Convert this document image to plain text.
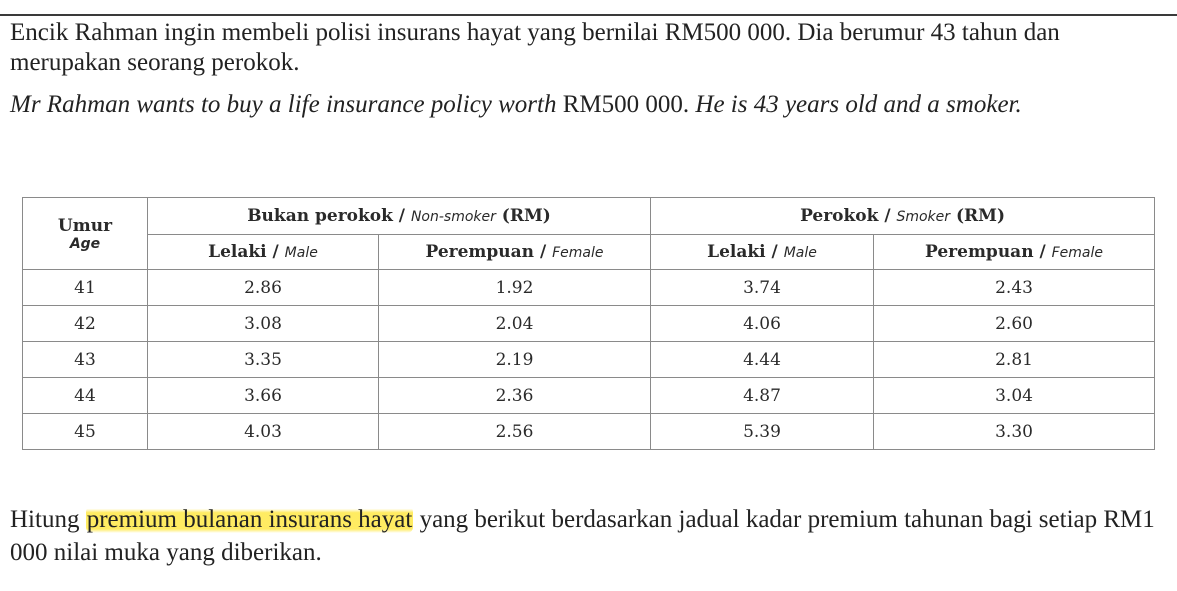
Encik Rahman ingin membeli polisi insurans hayat yang bernilai RM500 000. Dia berumur 43 tahun dan merupakan seorang perokok.

Mr Rahman wants to buy a life insurance policy worth RM500 000. He is 43 years old and a smoker.

Umur
Age	Bukan perokok / Non-smoker (RM)		Perokok / Smoker (RM)	
	Lelaki / Male	Perempuan / Female	Lelaki / Male	Perempuan / Female
41	2.86	1.92	3.74	2.43
42	3.08	2.04	4.06	2.60
43	3.35	2.19	4.44	2.81
44	3.66	2.36	4.87	3.04
45	4.03	2.56	5.39	3.30

Hitung premium bulanan insurans hayat yang berikut berdasarkan jadual kadar premium tahunan bagi setiap RM1 000 nilai muka yang diberikan.
